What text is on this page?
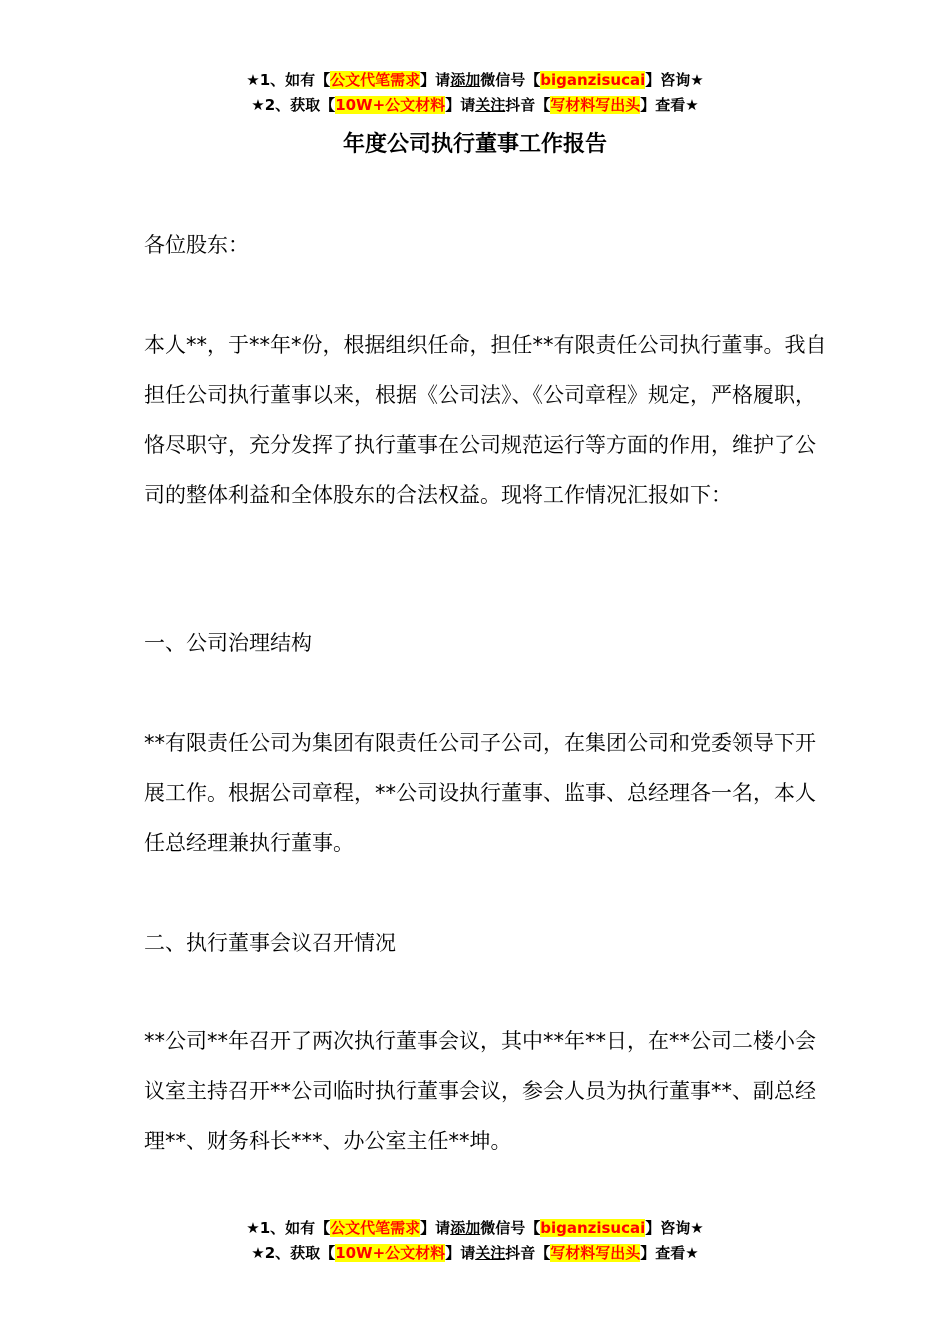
★1、如有【公文代笔需求】请添加微信号【biganzisucai】咨询★
★2、获取【10W+公文材料】请关注抖音【写材料写出头】查看★
年度公司执行董事工作报告

各位股东：

本人**，于**年*份，根据组织任命，担任**有限责任公司执行董事。我自担任公司执行董事以来，根据《公司法》、《公司章程》规定，严格履职，恪尽职守，充分发挥了执行董事在公司规范运行等方面的作用，维护了公司的整体利益和全体股东的合法权益。现将工作情况汇报如下：

一、公司治理结构

**有限责任公司为集团有限责任公司子公司，在集团公司和党委领导下开展工作。根据公司章程，**公司设执行董事、监事、总经理各一名，本人任总经理兼执行董事。

二、执行董事会议召开情况

**公司**年召开了两次执行董事会议，其中**年**日，在**公司二楼小会议室主持召开**公司临时执行董事会议，参会人员为执行董事**、副总经理**、财务科长***、办公室主任**坤。

★1、如有【公文代笔需求】请添加微信号【biganzisucai】咨询★
★2、获取【10W+公文材料】请关注抖音【写材料写出头】查看★
